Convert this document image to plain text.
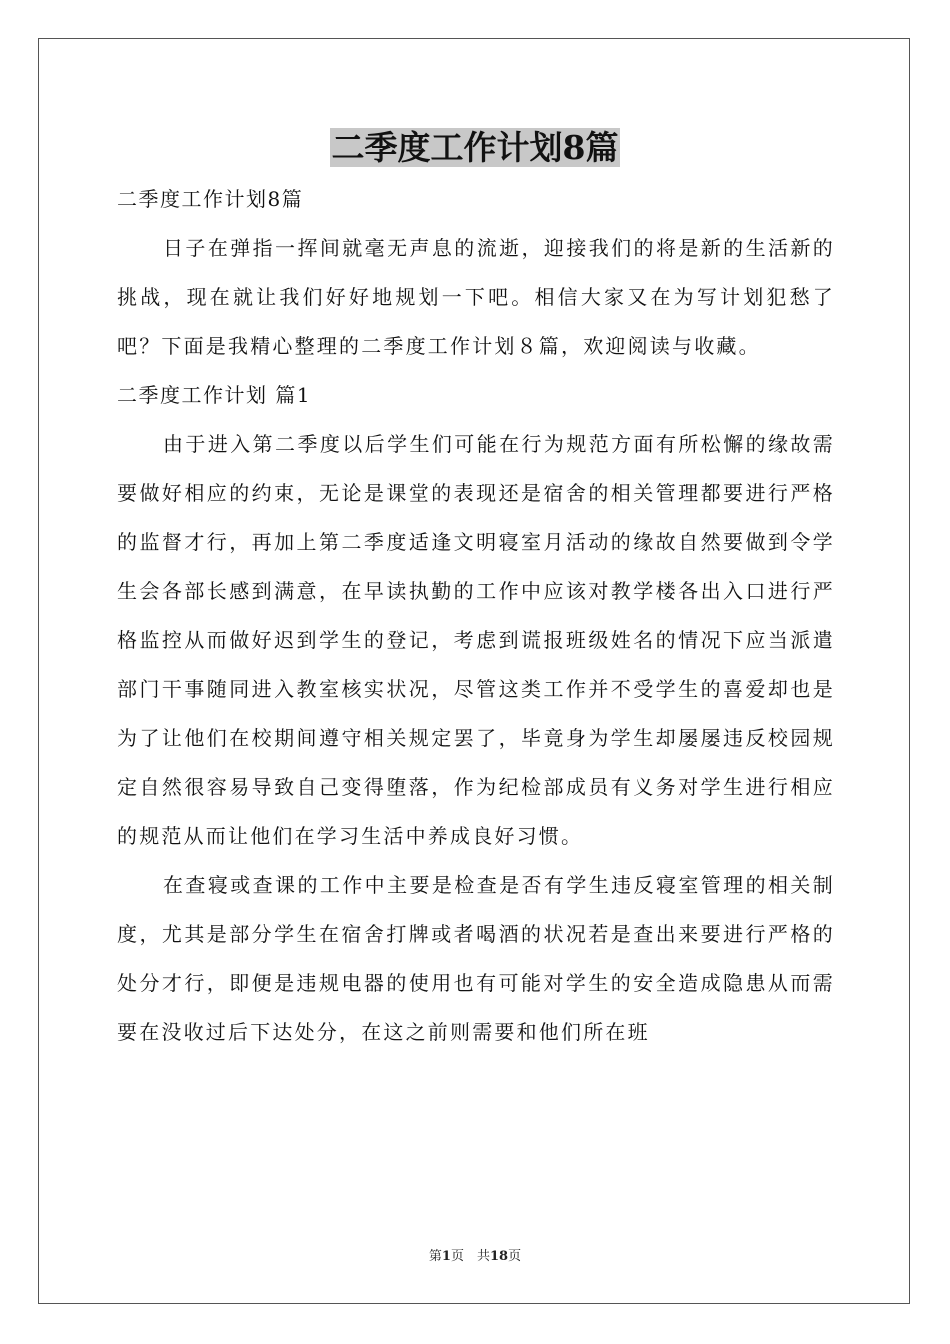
二季度工作计划8篇

二季度工作计划8篇

日子在弹指一挥间就毫无声息的流逝，迎接我们的将是新的生活新的挑战，现在就让我们好好地规划一下吧。相信大家又在为写计划犯愁了吧？下面是我精心整理的二季度工作计划８篇，欢迎阅读与收藏。

二季度工作计划 篇1

由于进入第二季度以后学生们可能在行为规范方面有所松懈的缘故需要做好相应的约束，无论是课堂的表现还是宿舍的相关管理都要进行严格的监督才行，再加上第二季度适逢文明寝室月活动的缘故自然要做到令学生会各部长感到满意，在早读执勤的工作中应该对教学楼各出入口进行严格监控从而做好迟到学生的登记，考虑到谎报班级姓名的情况下应当派遣部门干事随同进入教室核实状况，尽管这类工作并不受学生的喜爱却也是为了让他们在校期间遵守相关规定罢了，毕竟身为学生却屡屡违反校园规定自然很容易导致自己变得堕落，作为纪检部成员有义务对学生进行相应的规范从而让他们在学习生活中养成良好习惯。

在查寝或查课的工作中主要是检查是否有学生违反寝室管理的相关制度，尤其是部分学生在宿舍打牌或者喝酒的状况若是查出来要进行严格的处分才行，即便是违规电器的使用也有可能对学生的安全造成隐患从而需要在没收过后下达处分，在这之前则需要和他们所在班

第1页　共18页
